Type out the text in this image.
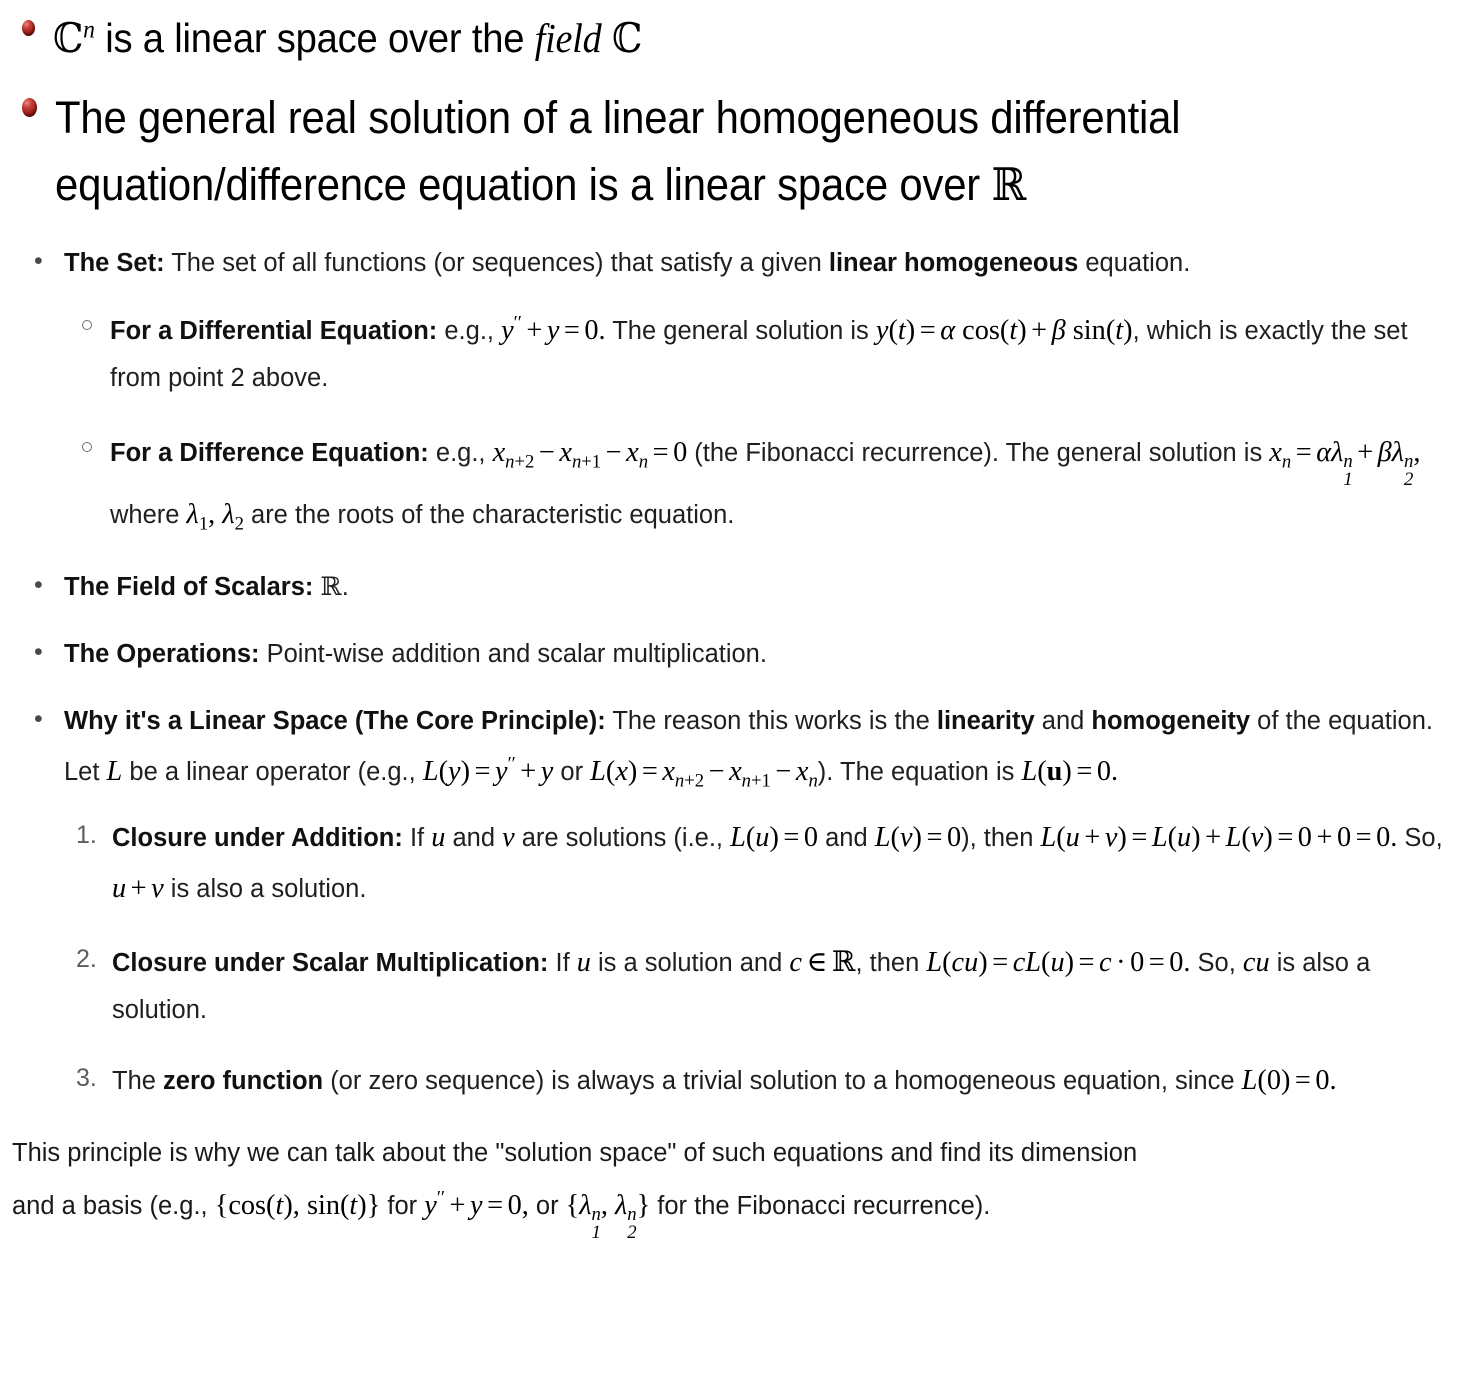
ℂ$^n$ is a linear space over the field ℂ
The general real solution of a linear homogeneous differential
equation/difference equation is a linear space over ℝ
• The Set: The set of all functions (or sequences) that satisfy a given linear homogeneous equation.
For a Differential Equation: e.g., y′′ + y = 0. The general solution is y(t) = α cos(t) + β sin(t), which is exactly the set from point 2 above.
For a Difference Equation: e.g., $x_{n+2} - x_{n+1} - x_n = 0$ (the Fibonacci recurrence). The general solution is $x_n = \alpha\lambda$ n
1
+ βλ n
2
, where $\lambda_1$, $\lambda_2$ are the roots of the characteristic equation.
• The Field of Scalars: ℝ.
• The Operations: Point-wise addition and scalar multiplication.
• Why it's a Linear Space (The Core Principle): The reason this works is the linearity and homogeneity of the equation.
Let L be a linear operator (e.g., L(y) = y′′ + y or $L(x) = x_{n+2} - x_{n+1} - x_n$). The equation is L(u) = 0.
Closure under Addition: If u and v are solutions (i.e., L(u) = 0 and L(v) = 0), then L(u + v) = L(u) + L(v) = 0 + 0 = 0. So, u + v is also a solution.
Closure under Scalar Multiplication: If u is a solution and c ∈ ℝ, then L(cu) = cL(u) = c · 0 = 0. So, cu is also a solution.
The zero function (or zero sequence) is always a trivial solution to a homogeneous equation, since L(0) = 0.

This principle is why we can talk about the "solution space" of such equations and find its dimension

and a basis (e.g., {cos(t), sin(t)} for y′′ + y = 0, or {λ n
1
, λ n
2
} for the Fibonacci recurrence).
